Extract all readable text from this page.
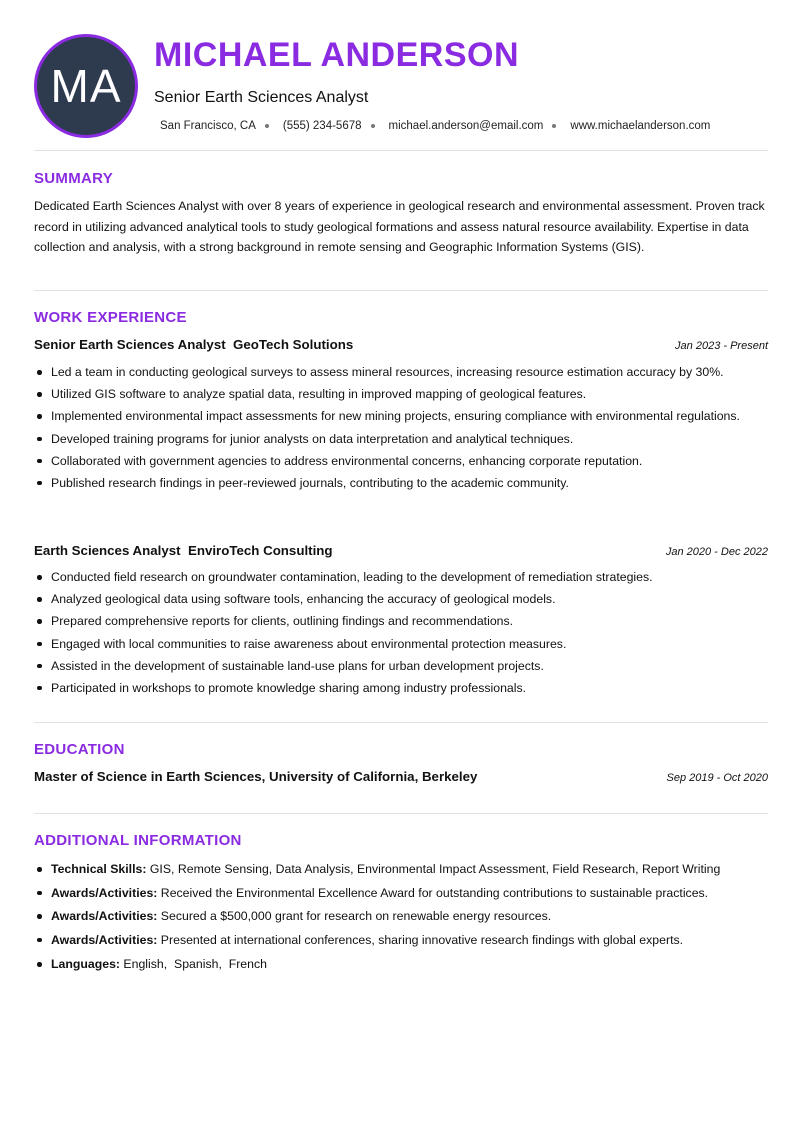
MA
MICHAEL ANDERSON

Senior Earth Sciences Analyst

San Francisco, CA (555) 234-5678 michael.anderson@email.com www.michaelanderson.com
SUMMARY

Dedicated Earth Sciences Analyst with over 8 years of experience in geological research and environmental assessment. Proven track record in utilizing advanced analytical tools to study geological formations and assess natural resource availability. Expertise in data collection and analysis, with a strong background in remote sensing and Geographic Information Systems (GIS).

WORK EXPERIENCE
Senior Earth Sciences Analyst  GeoTech Solutions	Jan 2023 - Present
Led a team in conducting geological surveys to assess mineral resources, increasing resource estimation accuracy by 30%.
Utilized GIS software to analyze spatial data, resulting in improved mapping of geological features.
Implemented environmental impact assessments for new mining projects, ensuring compliance with environmental regulations.
Developed training programs for junior analysts on data interpretation and analytical techniques.
Collaborated with government agencies to address environmental concerns, enhancing corporate reputation.
Published research findings in peer-reviewed journals, contributing to the academic community.
Earth Sciences Analyst  EnviroTech Consulting	Jan 2020 - Dec 2022
Conducted field research on groundwater contamination, leading to the development of remediation strategies.
Analyzed geological data using software tools, enhancing the accuracy of geological models.
Prepared comprehensive reports for clients, outlining findings and recommendations.
Engaged with local communities to raise awareness about environmental protection measures.
Assisted in the development of sustainable land-use plans for urban development projects.
Participated in workshops to promote knowledge sharing among industry professionals.
EDUCATION
Master of Science in Earth Sciences, University of California, Berkeley	Sep 2019 - Oct 2020
ADDITIONAL INFORMATION
Technical Skills: GIS, Remote Sensing, Data Analysis, Environmental Impact Assessment, Field Research, Report Writing
Awards/Activities: Received the Environmental Excellence Award for outstanding contributions to sustainable practices.
Awards/Activities: Secured a $500,000 grant for research on renewable energy resources.
Awards/Activities: Presented at international conferences, sharing innovative research findings with global experts.
Languages: English,  Spanish,  French
